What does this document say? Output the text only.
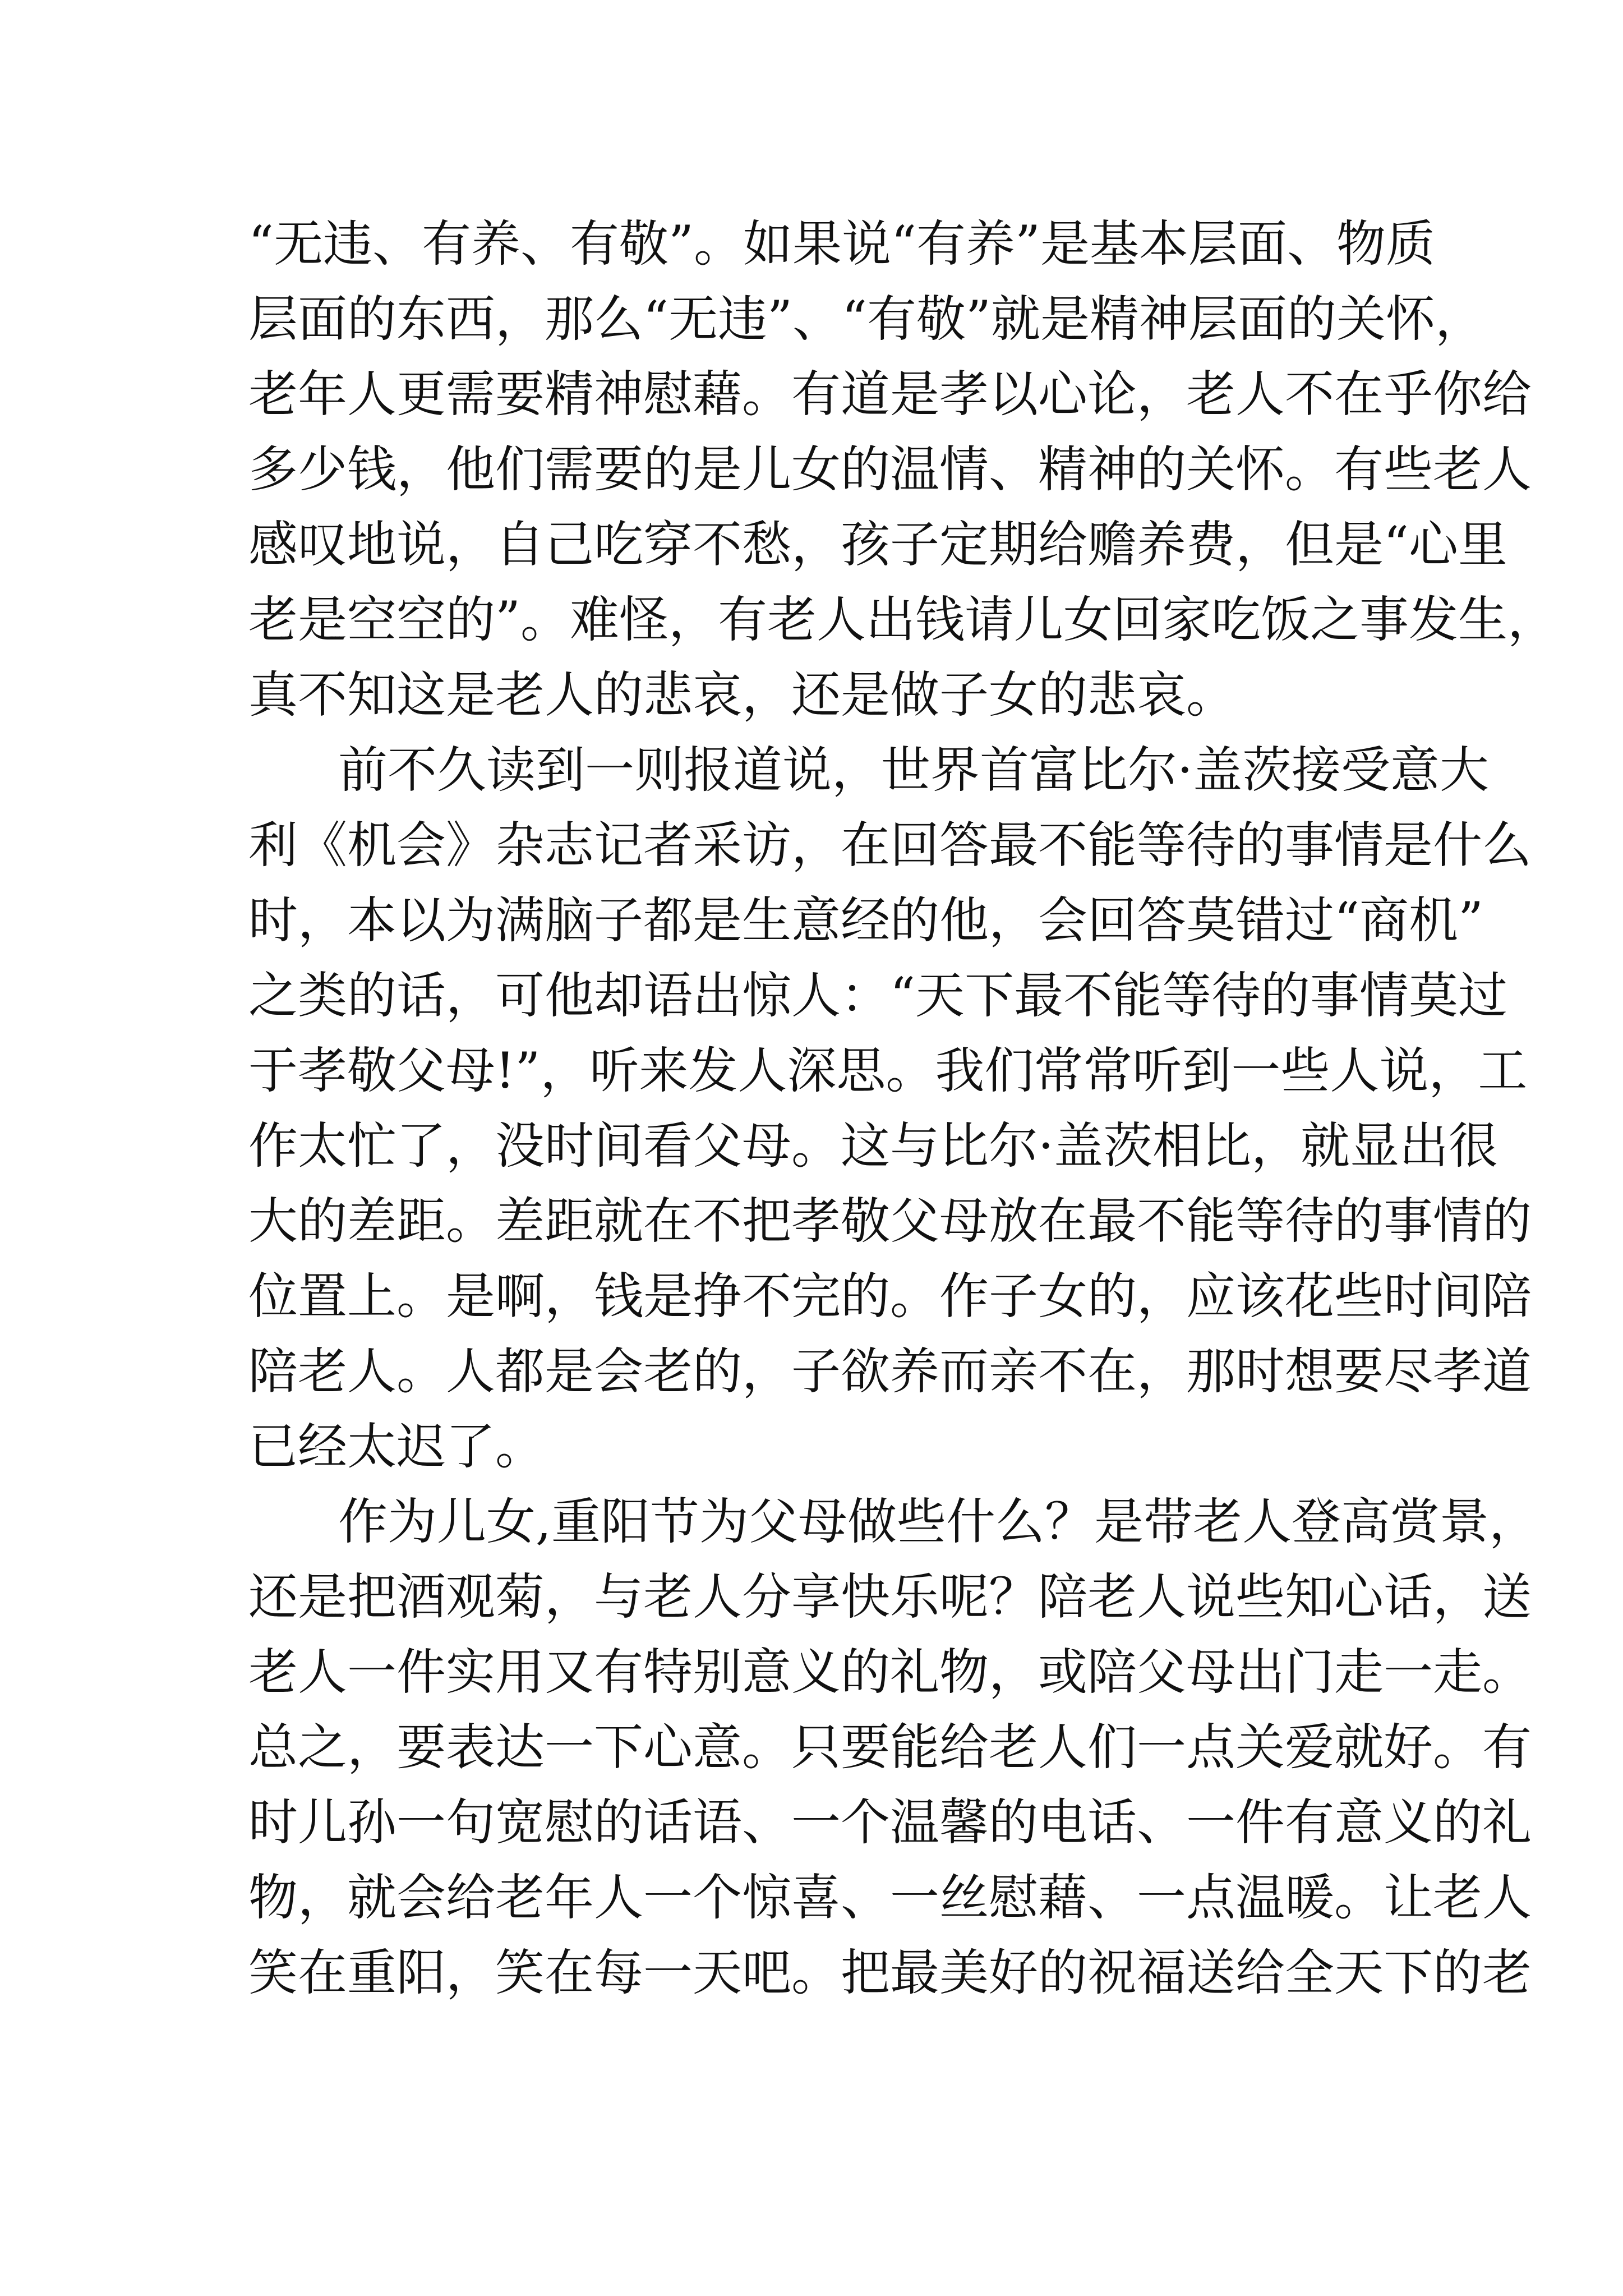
“无违、有养、有敬”。如果说“有养”是基本层面、物质
层面的东西，那么“无违”、“有敬”就是精神层面的关怀，
老年人更需要精神慰藉。有道是孝以心论，老人不在乎你给
多少钱，他们需要的是儿女的温情、精神的关怀。有些老人
感叹地说，自己吃穿不愁，孩子定期给赡养费，但是“心里
老是空空的”。难怪，有老人出钱请儿女回家吃饭之事发生，
真不知这是老人的悲哀，还是做子女的悲哀。
前不久读到一则报道说，世界首富比尔·盖茨接受意大
利《机会》杂志记者采访，在回答最不能等待的事情是什么
时，本以为满脑子都是生意经的他，会回答莫错过“商机”
之类的话，可他却语出惊人：“天下最不能等待的事情莫过
于孝敬父母!”，听来发人深思。我们常常听到一些人说，工
作太忙了，没时间看父母。这与比尔·盖茨相比，就显出很
大的差距。差距就在不把孝敬父母放在最不能等待的事情的
位置上。是啊，钱是挣不完的。作子女的，应该花些时间陪
陪老人。人都是会老的，子欲养而亲不在，那时想要尽孝道
已经太迟了。
作为儿女,重阳节为父母做些什么？是带老人登高赏景，
还是把酒观菊，与老人分享快乐呢？陪老人说些知心话，送
老人一件实用又有特别意义的礼物，或陪父母出门走一走。
总之，要表达一下心意。只要能给老人们一点关爱就好。有
时儿孙一句宽慰的话语、一个温馨的电话、一件有意义的礼
物，就会给老年人一个惊喜、一丝慰藉、一点温暖。让老人
笑在重阳，笑在每一天吧。把最美好的祝福送给全天下的老
